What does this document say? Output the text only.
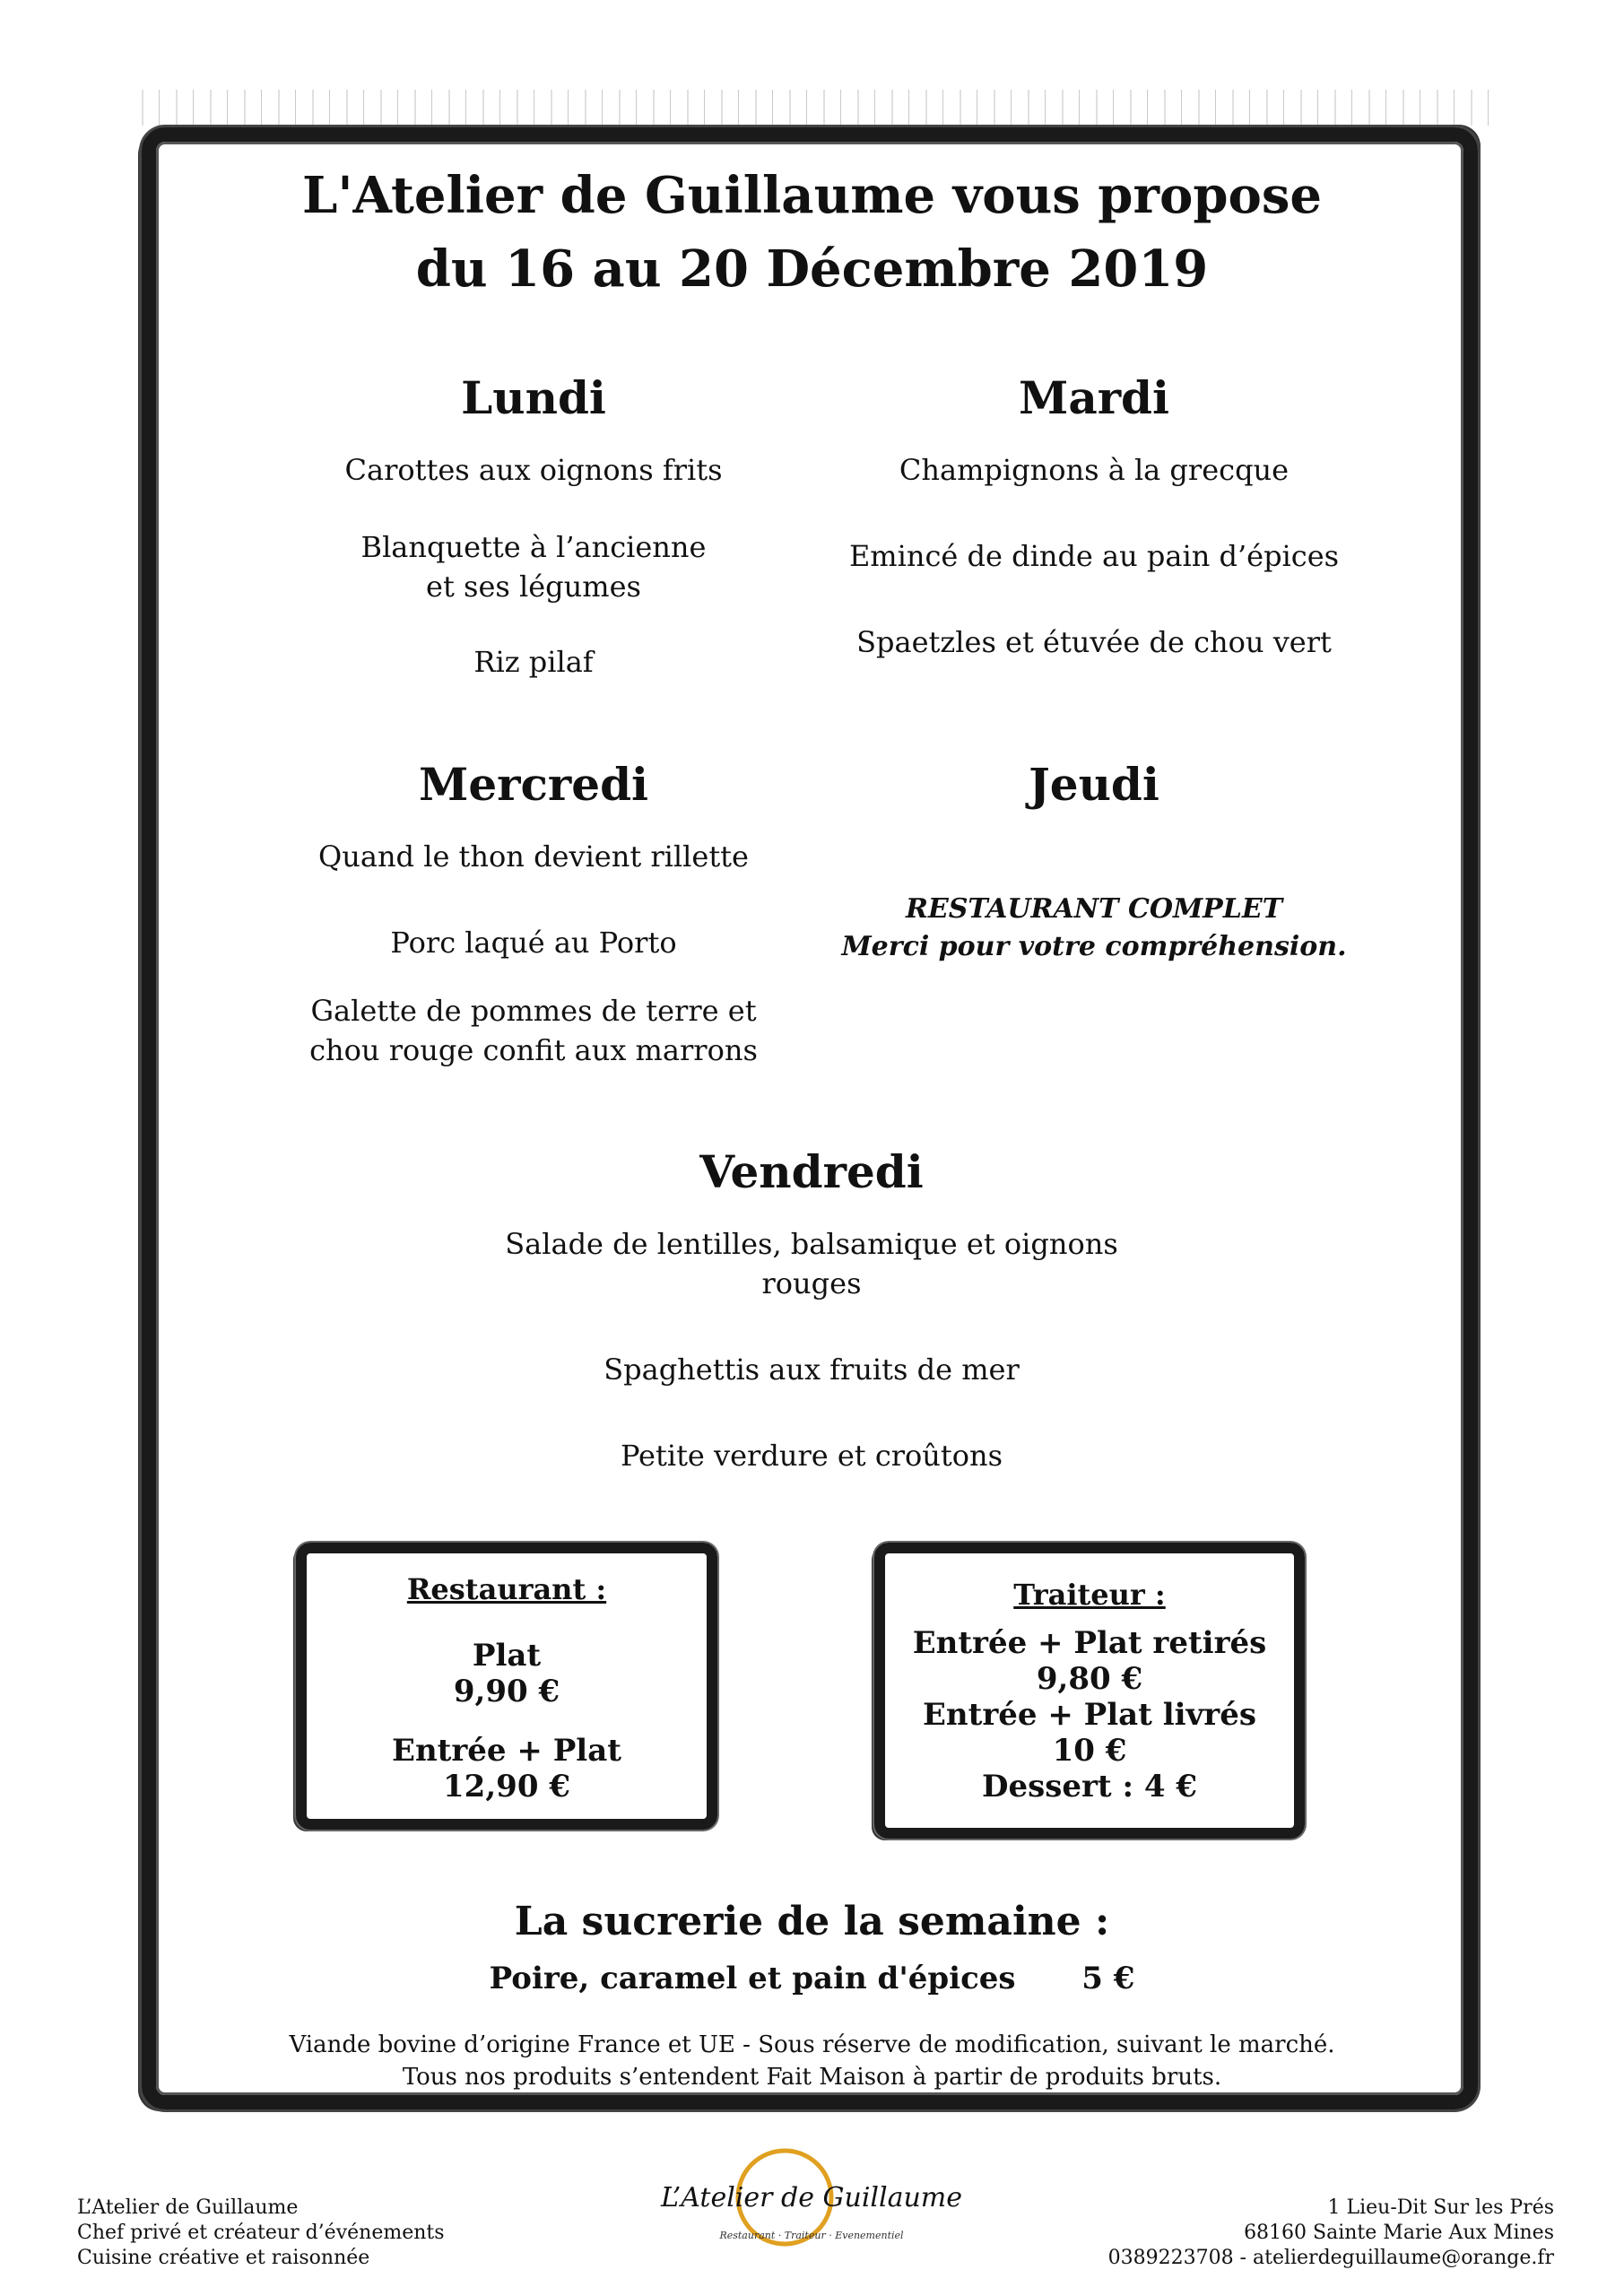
L'Atelier de Guillaume vous propose
du 16 au 20 Décembre 2019

Lundi

Carottes aux oignons frits

Blanquette à l’ancienne

et ses légumes

Riz pilaf

Mardi

Champignons à la grecque

Emincé de dinde au pain d’épices

Spaetzles et étuvée de chou vert

Mercredi

Quand le thon devient rillette

Porc laqué au Porto

Galette de pommes de terre et

chou rouge confit aux marrons

Jeudi

RESTAURANT COMPLET

Merci pour votre compréhension.

Vendredi

Salade de lentilles, balsamique et oignons rouges

Spaghettis aux fruits de mer

Petite verdure et croûtons

Restaurant :

Plat

9,90 €

Entrée + Plat

12,90 €

Traiteur :

Entrée + Plat retirés

9,80 €

Entrée + Plat livrés

10 €

Dessert : 4 €

La sucrerie de la semaine :
Poire, caramel et pain d'épices 5 €
Viande bovine d’origine France et UE - Sous réserve de modification, suivant le marché.
Tous nos produits s’entendent Fait Maison à partir de produits bruts.
L’Atelier de Guillaume
Chef privé et créateur d’événements
Cuisine créative et raisonnée
L’Atelier de Guillaume
Restaurant · Traiteur · Evenementiel
1 Lieu-Dit Sur les Prés
68160 Sainte Marie Aux Mines
0389223708 - atelierdeguillaume@orange.fr
